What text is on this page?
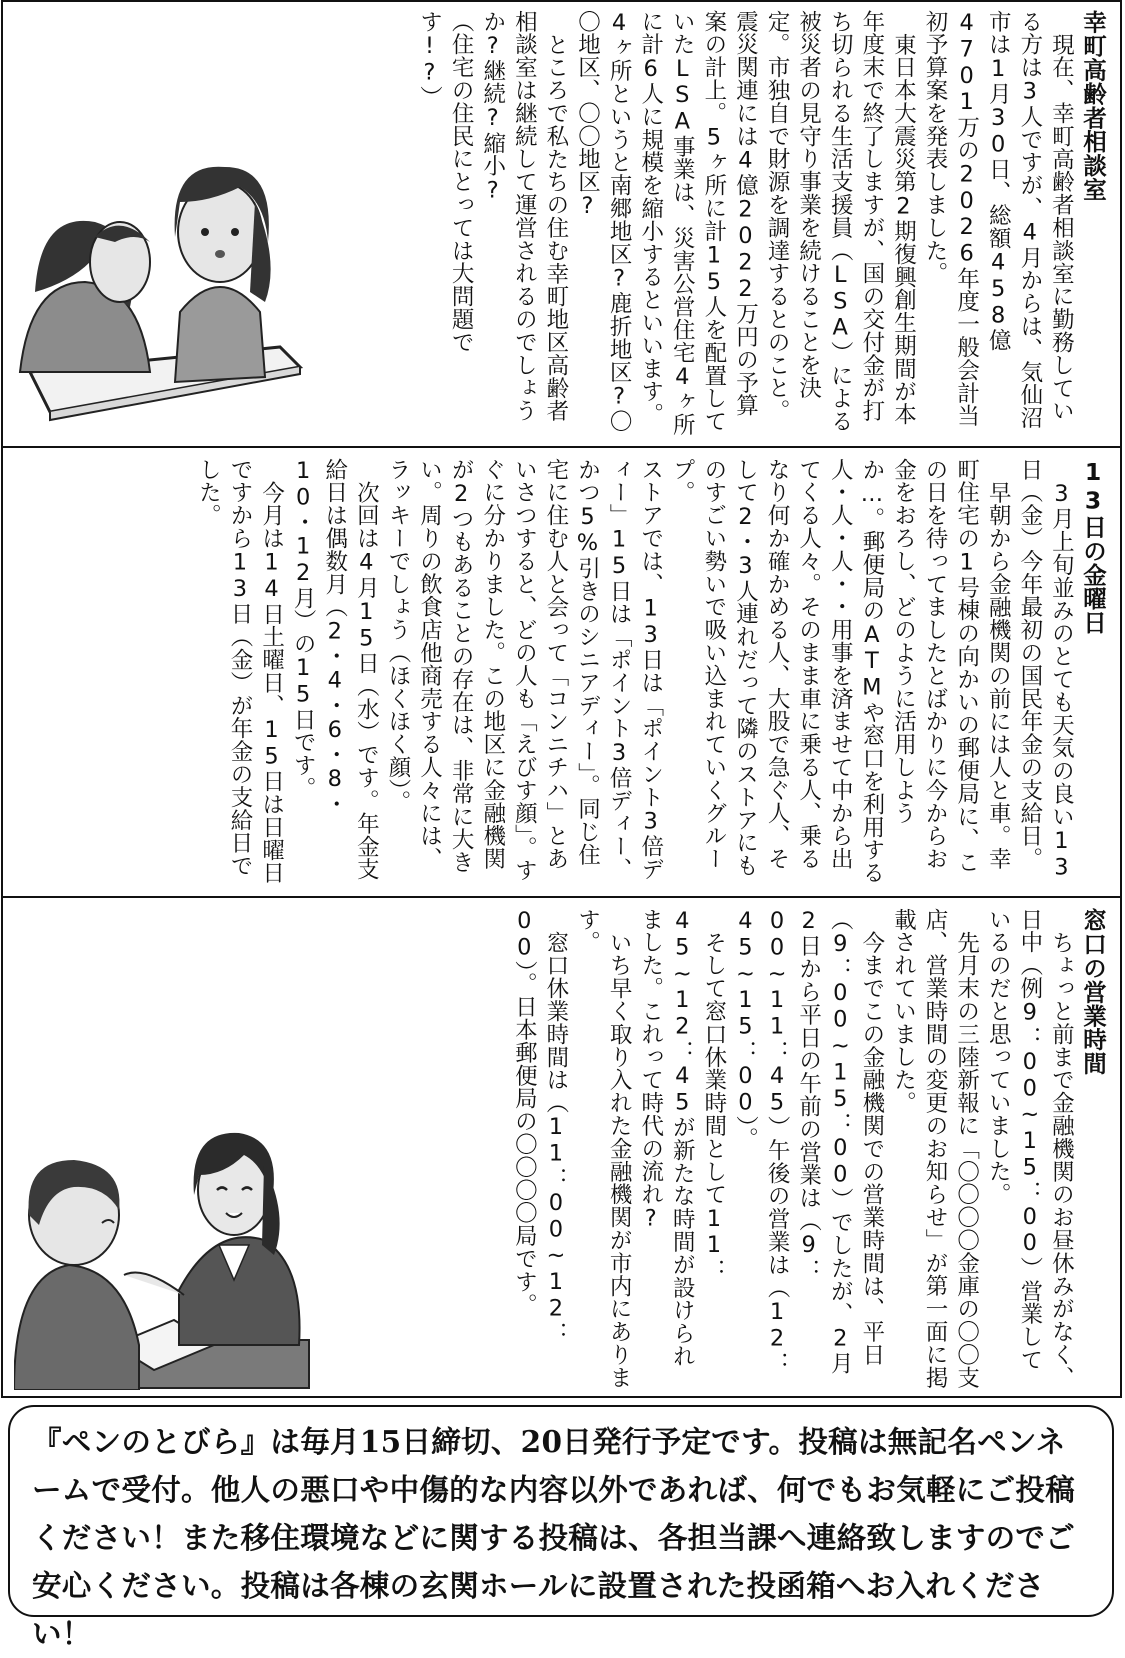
幸町高齢者相談室
現在、幸町高齢者相談室に勤務している方は3人ですが、4月からは、気仙沼市は1月30日、総額458億4701万の2026年度一般会計当初予算案を発表しました。
東日本大震災第2期復興創生期間が本年度末で終了しますが、国の交付金が打ち切られる生活支援員（LSA）による被災者の見守り事業を続けることを決定。市独自で財源を調達するとのこと。震災関連には4億2022万円の予算案の計上。5ヶ所に計15人を配置していたLSA事業は、災害公営住宅4ヶ所に計6人に規模を縮小するといいます。4ヶ所というと南郷地区?鹿折地区?〇〇地区、〇〇地区?
ところで私たちの住む幸町地区高齢者相談室は継続して運営されるのでしょうか?継続?縮小?
（住宅の住民にとっては大問題です!?）
13日の金曜日
3月上旬並みのとても天気の良い13日（金）今年最初の国民年金の支給日。
早朝から金融機関の前には人と車。幸町住宅の1号棟の向かいの郵便局に、この日を待ってましたとばかりに今からお金をおろし、どのように活用しようか…。郵便局のATMや窓口を利用する人・人・人・・用事を済ませて中から出てくる人々。そのまま車に乗る人、乗るなり何か確かめる人、大股で急ぐ人、そして2・3人連れだって隣のストアにものすごい勢いで吸い込まれていくグループ。
ストアでは、13日は「ポイント3倍ディー」15日は「ポイント3倍ディー、かつ5%引きのシニアディー」。同じ住宅に住む人と会って「コンニチハ」とあいさつすると、どの人も「えびす顔」。すぐに分かりました。この地区に金融機関が2つもあることの存在は、非常に大きい。周りの飲食店他商売する人々には、ラッキーでしょう（ほくほく顔）。
次回は4月15日（水）です。年金支給日は偶数月（2・4・6・8・10・12月）の15日です。
今月は14日土曜日、15日は日曜日ですから13日（金）が年金の支給日でした。
窓口の営業時間
ちょっと前まで金融機関のお昼休みがなく、日中（例9：00~15：00）営業しているのだと思っていました。
先月末の三陸新報に「〇〇〇〇金庫の〇〇支店、営業時間の変更のお知らせ」が第一面に掲載されていました。
今までこの金融機関での営業時間は、平日（9：00~15：00）でしたが、2月2日から平日の午前の営業は（9：00~11：45）午後の営業は（12：45~15：00）。
そして窓口休業時間として11：45~12：45が新たな時間が設けられました。これって時代の流れ?
いち早く取り入れた金融機関が市内にあります。
窓口休業時間は（11：00~12：00）。日本郵便局の〇〇〇〇局です。
『ペンのとびら』は毎月15日締切、20日発行予定です。投稿は無記名ペンネームで受付。他人の悪口や中傷的な内容以外であれば、何でもお気軽にご投稿ください！また移住環境などに関する投稿は、各担当課へ連絡致しますのでご安心ください。投稿は各棟の玄関ホールに設置された投函箱へお入れください！
